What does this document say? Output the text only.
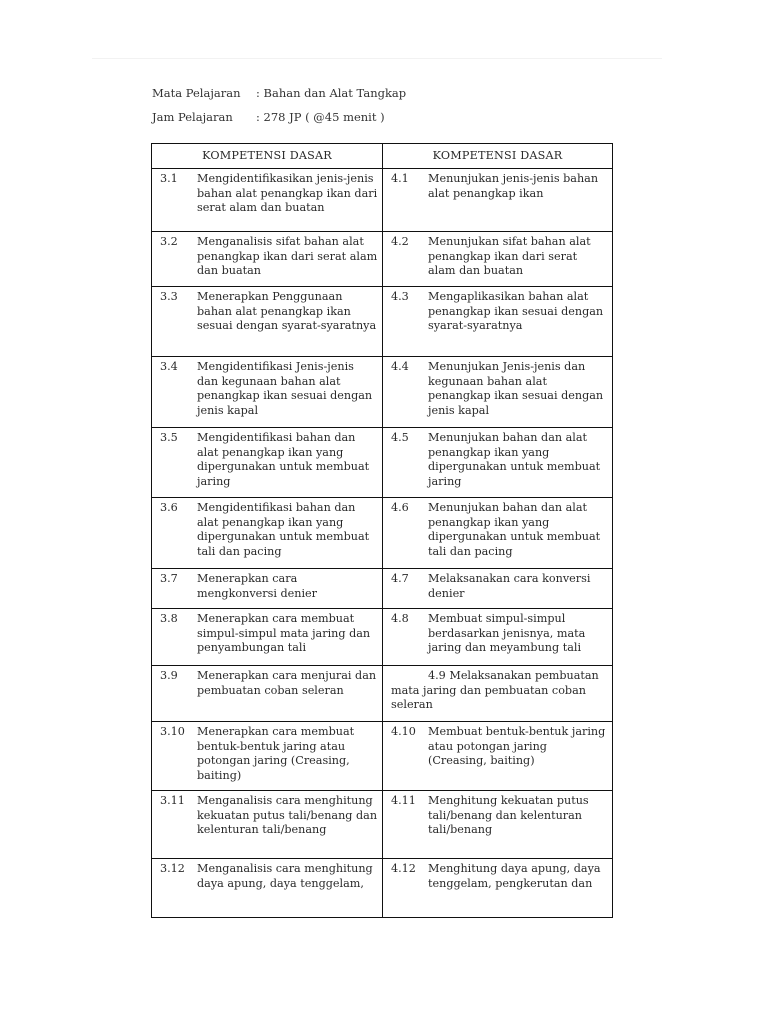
Mata Pelajaran : Bahan dan Alat Tangkap
Jam Pelajaran : 278 JP ( @45 menit )
KOMPETENSI DASAR	KOMPETENSI DASAR

3.1 Mengidentifikasikan jenis-jenis bahan alat penangkap ikan dari serat alam dan buatan	4.1 Menunjukan jenis-jenis bahan alat penangkap ikan

3.2 Menganalisis sifat bahan alat penangkap ikan dari serat alam dan buatan	4.2 Menunjukan sifat bahan alat penangkap ikan dari serat alam dan buatan

3.3 Menerapkan Penggunaan bahan alat penangkap ikan sesuai dengan syarat-syaratnya	4.3 Mengaplikasikan bahan alat penangkap ikan sesuai dengan syarat-syaratnya

3.4 Mengidentifikasi Jenis-jenis dan kegunaan bahan alat penangkap ikan sesuai dengan jenis kapal	4.4 Menunjukan Jenis-jenis dan kegunaan bahan alat penangkap ikan sesuai dengan jenis kapal

3.5 Mengidentifikasi bahan dan alat penangkap ikan yang dipergunakan untuk membuat jaring	4.5 Menunjukan bahan dan alat penangkap ikan yang dipergunakan untuk membuat jaring

3.6 Mengidentifikasi bahan dan alat penangkap ikan yang dipergunakan untuk membuat tali dan pacing	4.6 Menunjukan bahan dan alat penangkap ikan yang dipergunakan untuk membuat tali dan pacing

3.7 Menerapkan cara mengkonversi denier	4.7 Melaksanakan cara konversi denier

3.8 Menerapkan cara membuat simpul-simpul mata jaring dan penyambungan tali	4.8 Membuat simpul-simpul berdasarkan jenisnya, mata jaring dan meyambung tali

3.9 Menerapkan cara menjurai dan pembuatan coban seleran	4.9 Melaksanakan pembuatan mata jaring dan pembuatan coban seleran

3.10 Menerapkan cara membuat bentuk-bentuk jaring atau potongan jaring (Creasing, baiting)	4.10 Membuat bentuk-bentuk jaring atau potongan jaring (Creasing, baiting)

3.11 Menganalisis cara menghitung kekuatan putus tali/benang dan kelenturan tali/benang	4.11 Menghitung kekuatan putus tali/benang dan kelenturan tali/benang

3.12 Menganalisis cara menghitung daya apung, daya tenggelam,	4.12 Menghitung daya apung, daya tenggelam, pengkerutan dan
